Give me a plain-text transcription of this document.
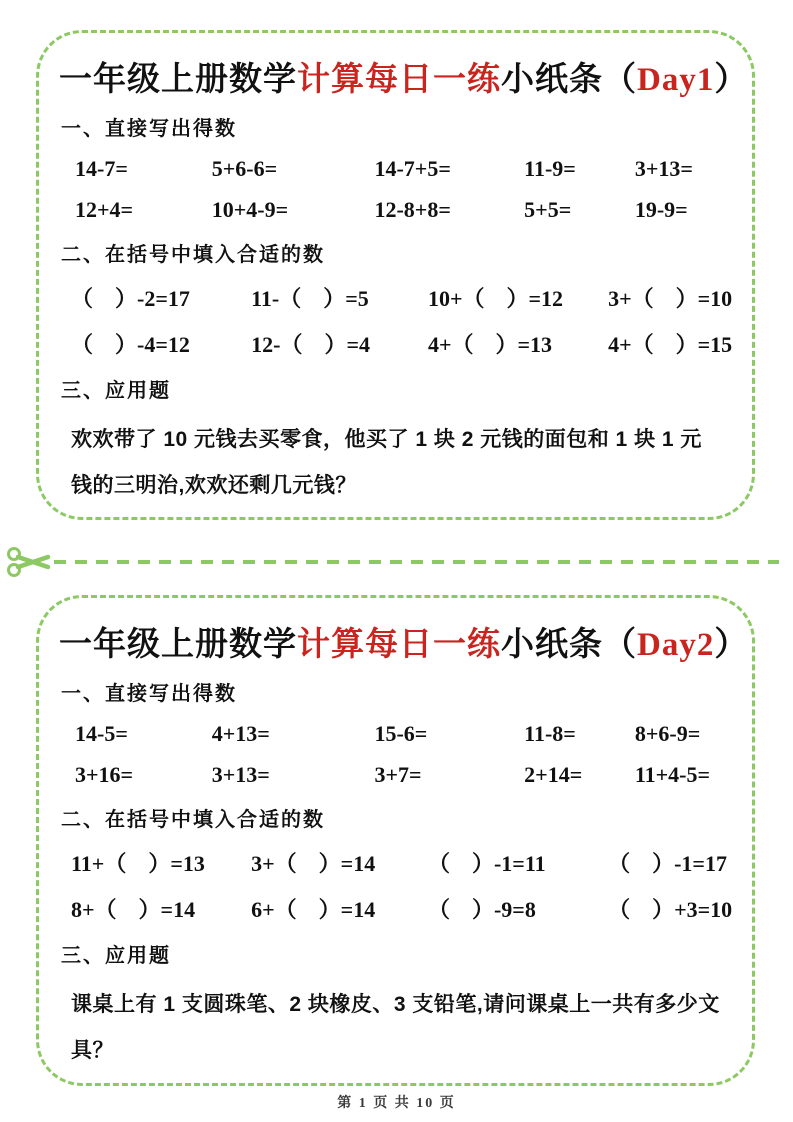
一年级上册数学计算每日一练小纸条（Day1）
一、直接写出得数
14-7=	5+6-6=	14-7+5=	11-9=	3+13=
12+4=	10+4-9=	12-8+8=	5+5=	19-9=
二、在括号中填入合适的数
（　）-2=17	11-（　）=5	10+（　）=12	3+（　）=10
（　）-4=12	12-（　）=4	4+（　）=13	4+（　）=15
三、应用题
欢欢带了 10 元钱去买零食，他买了 1 块 2 元钱的面包和 1 块 1 元钱的三明治,欢欢还剩几元钱？
一年级上册数学计算每日一练小纸条（Day2）
一、直接写出得数
14-5=	4+13=	15-6=	11-8=	8+6-9=
3+16=	3+13=	3+7=	2+14=	11+4-5=
二、在括号中填入合适的数
11+（　）=13	3+（　）=14	（　）-1=11	（　）-1=17
8+（　）=14	6+（　）=14	（　）-9=8	（　）+3=10
三、应用题
课桌上有 1 支圆珠笔、2 块橡皮、3 支铅笔,请问课桌上一共有多少文具？
第 1 页 共 10 页
